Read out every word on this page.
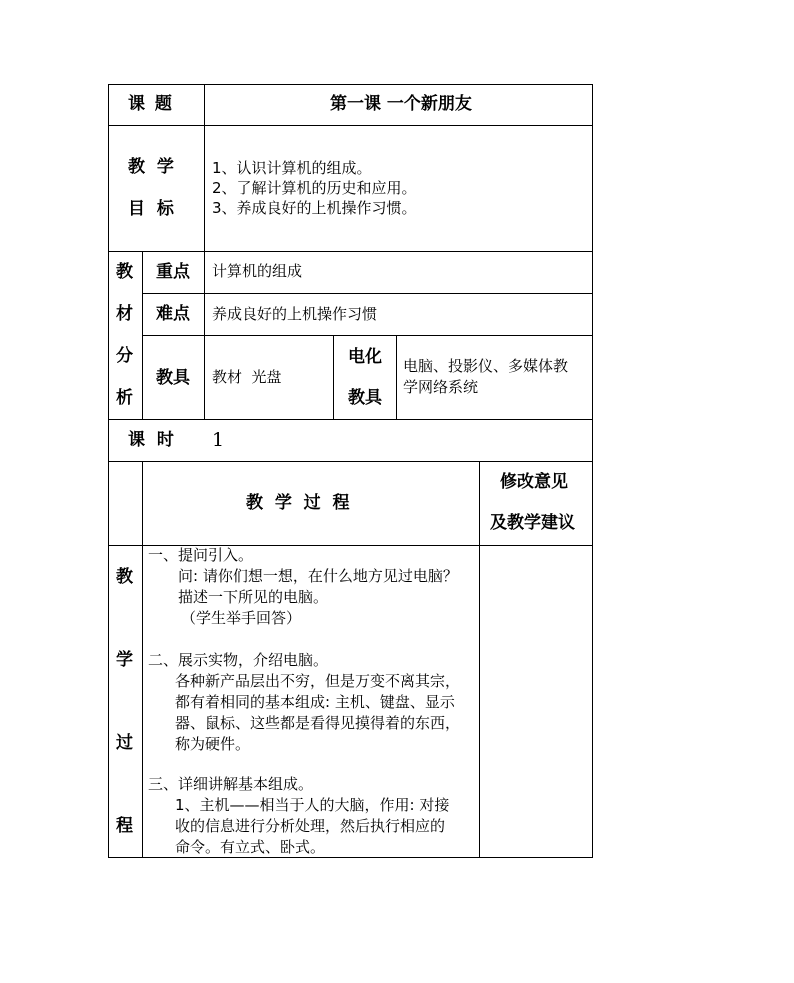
课 题	第一课 一个新朋友
教  学
目  标
1、认识计算机的组成。
2、了解计算机的历史和应用。
3、养成良好的上机操作习惯。
教
材
分
析
重点 计算机的组成
难点 养成良好的上机操作习惯
教具 教材  光盘
电化
教具
电脑、投影仪、多媒体教
学网络系统
课  时 1
教  学  过  程
修改意见
及教学建议
教
学
过
程
一、提问引入。
问: 请你们想一想，在什么地方见过电脑？
描述一下所见的电脑。
（学生举手回答）
二、展示实物，介绍电脑。
各种新产品层出不穷，但是万变不离其宗，
都有着相同的基本组成: 主机、键盘、显示
器、鼠标、这些都是看得见摸得着的东西，
称为硬件。
三、详细讲解基本组成。
1、主机——相当于人的大脑，作用: 对接
收的信息进行分析处理，然后执行相应的
命令。有立式、卧式。
